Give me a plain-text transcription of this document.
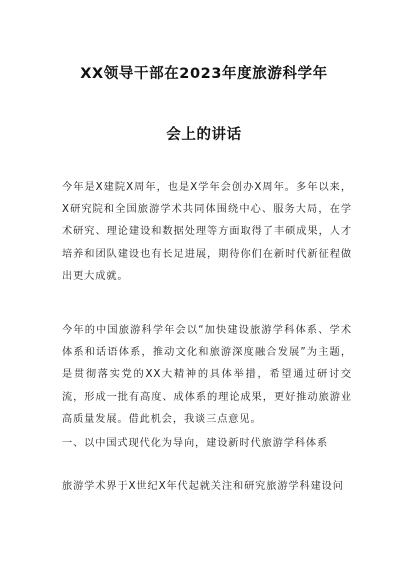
XX领导干部在2023年度旅游科学年
会上的讲话

今年是X建院X周年，也是X学年会创办X周年。多年以来，X研究院和全国旅游学术共同体围绕中心、服务大局，在学术研究、理论建设和数据处理等方面取得了丰硕成果，人才培养和团队建设也有长足进展，期待你们在新时代新征程做出更大成就。

今年的中国旅游科学年会以“加快建设旅游学科体系、学术体系和话语体系，推动文化和旅游深度融合发展”为主题，是贯彻落实党的XX大精神的具体举措，希望通过研讨交流，形成一批有高度、成体系的理论成果，更好推动旅游业高质量发展。借此机会，我谈三点意见。

一、以中国式现代化为导向，建设新时代旅游学科体系

旅游学术界于X世纪X年代起就关注和研究旅游学科建设问
